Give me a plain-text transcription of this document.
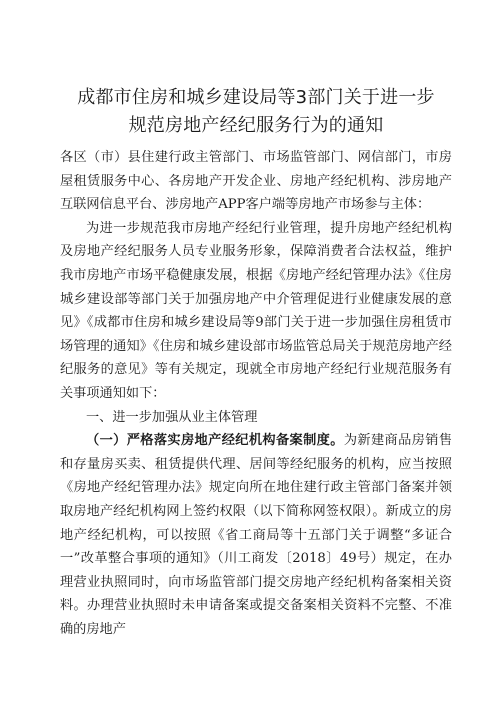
成都市住房和城乡建设局等3部门关于进一步
规范房地产经纪服务行为的通知

各区（市）县住建行政主管部门、市场监管部门、网信部门，市房屋租赁服务中心、各房地产开发企业、房地产经纪机构、涉房地产互联网信息平台、涉房地产APP客户端等房地产市场参与主体：

为进一步规范我市房地产经纪行业管理，提升房地产经纪机构及房地产经纪服务人员专业服务形象，保障消费者合法权益，维护我市房地产市场平稳健康发展，根据《房地产经纪管理办法》《住房城乡建设部等部门关于加强房地产中介管理促进行业健康发展的意见》《成都市住房和城乡建设局等9部门关于进一步加强住房租赁市场管理的通知》《住房和城乡建设部市场监管总局关于规范房地产经纪服务的意见》等有关规定，现就全市房地产经纪行业规范服务有关事项通知如下：

一、进一步加强从业主体管理

（一）严格落实房地产经纪机构备案制度。为新建商品房销售和存量房买卖、租赁提供代理、居间等经纪服务的机构，应当按照《房地产经纪管理办法》规定向所在地住建行政主管部门备案并领取房地产经纪机构网上签约权限（以下简称网签权限）。新成立的房地产经纪机构，可以按照《省工商局等十五部门关于调整“多证合一”改革整合事项的通知》（川工商发〔2018〕49号）规定，在办理营业执照同时，向市场监管部门提交房地产经纪机构备案相关资料。办理营业执照时未申请备案或提交备案相关资料不完整、不准确的房地产
